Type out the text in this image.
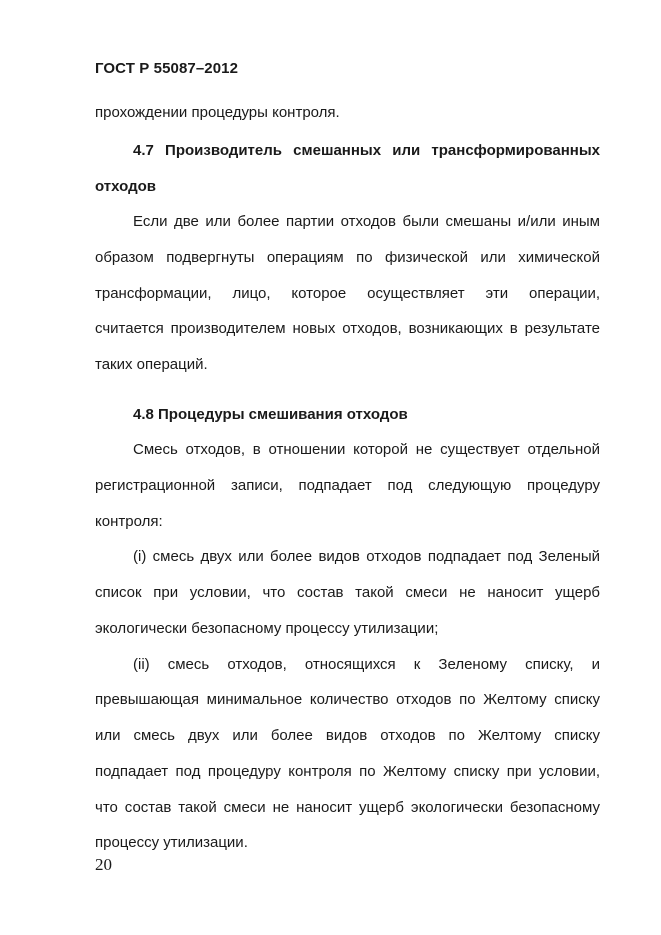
ГОСТ Р 55087–2012
прохождении процедуры контроля.
4.7 Производитель смешанных или трансформированных
отходов
Если две или более партии отходов были смешаны и/или иным
образом подвергнуты операциям по физической или химической
трансформации, лицо, которое осуществляет эти операции,
считается производителем новых отходов, возникающих в результате
таких операций.
4.8 Процедуры смешивания отходов
Смесь отходов, в отношении которой не существует отдельной
регистрационной записи, подпадает под следующую процедуру
контроля:
(i) смесь двух или более видов отходов подпадает под Зеленый
список при условии, что состав такой смеси не наносит ущерб
экологически безопасному процессу утилизации;
(ii) смесь отходов, относящихся к Зеленому списку, и
превышающая минимальное количество отходов по Желтому списку
или смесь двух или более видов отходов по Желтому списку
подпадает под процедуру контроля по Желтому списку при условии,
что состав такой смеси не наносит ущерб экологически безопасному
процессу утилизации.
20
